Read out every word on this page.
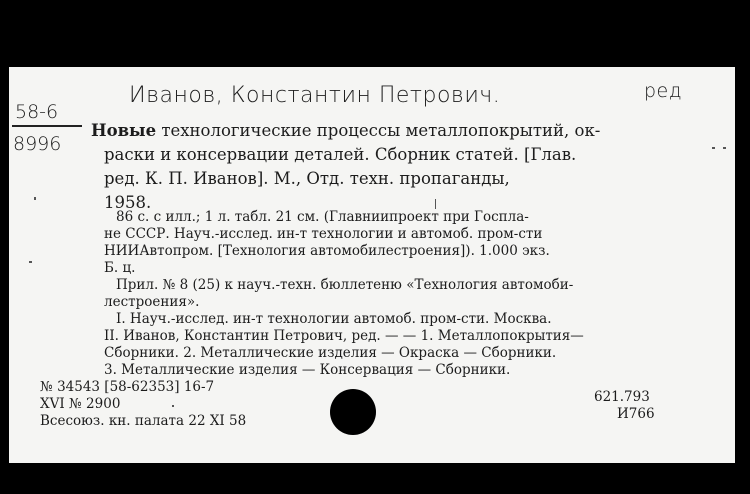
Иванов, Константин Петрович.	ред
58-6
8996
Новые технологические процессы металлопокрытий, ок-
раски и консервации деталей. Сборник статей. [Глав.
ред. К. П. Иванов]. М., Отд. техн. пропаганды,
1958.
86 с. с илл.; 1 л. табл. 21 см. (Главниипроект при Госпла-
не СССР. Науч.-исслед. ин-т технологии и автомоб. пром-сти
НИИАвтопром. [Технология автомобилестроения]). 1.000 экз.
Б. ц.
Прил. № 8 (25) к науч.-техн. бюллетеню «Технология автомоби-
лестроения».
I. Науч.-исслед. ин-т технологии автомоб. пром-сти. Москва.
II. Иванов, Константин Петрович, ред. — — 1. Металлопокрытия—
Сборники. 2. Металлические изделия — Окраска — Сборники.
3. Металлические изделия — Консервация — Сборники.
№ 34543 [58-62353] 16-7
XVI № 2900
Всесоюз. кн. палата 22 XI 58
621.793
И766
